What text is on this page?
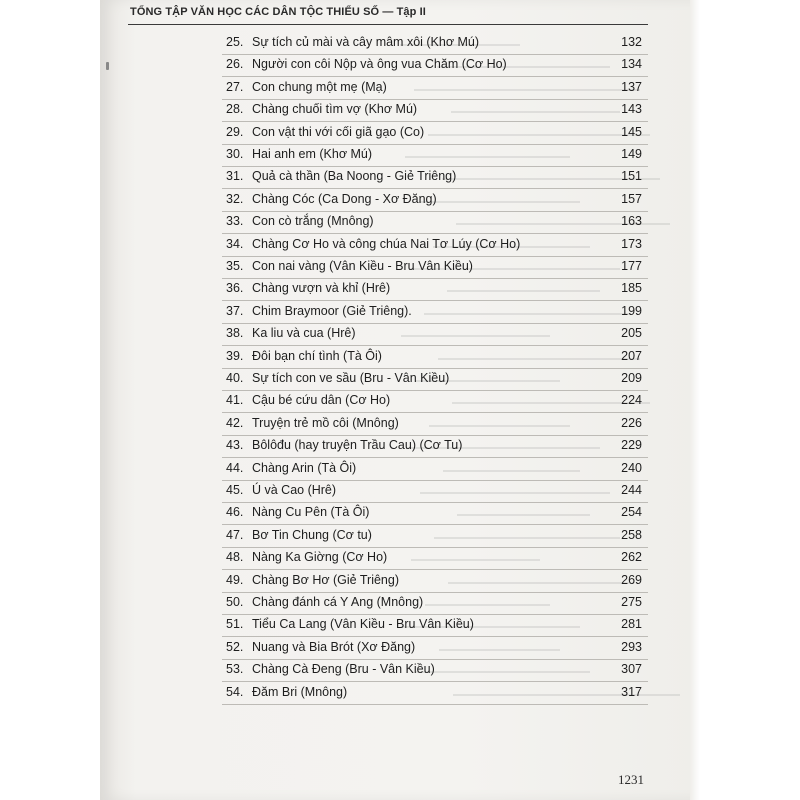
TỔNG TẬP VĂN HỌC CÁC DÂN TỘC THIỂU SỐ — Tập II
25. Sự tích củ mài và cây mâm xôi (Khơ Mú)	132
26. Người con côi Nộp và ông vua Chăm (Cơ Ho)	134
27. Con chung một mẹ (Mạ)	137
28. Chàng chuối tìm vợ (Khơ Mú)	143
29. Con vật thi với cối giã gạo (Co)	145
30. Hai anh em (Khơ Mú)	149
31. Quả cà thần (Ba Noong - Giẻ Triêng)	151
32. Chàng Cóc (Ca Dong - Xơ Đăng)	157
33. Con cò trắng (Mnông)	163
34. Chàng Cơ Ho và công chúa Nai Tơ Lúy (Cơ Ho)	173
35. Con nai vàng (Vân Kiều - Bru Vân Kiều)	177
36. Chàng vượn và khỉ (Hrê)	185
37. Chim Braymoor (Giẻ Triêng).	199
38. Ka liu và cua (Hrê)	205
39. Đôi bạn chí tình (Tà Ôi)	207
40. Sự tích con ve sầu (Bru - Vân Kiều)	209
41. Cậu bé cứu dân (Cơ Ho)	224
42. Truyện trẻ mồ côi (Mnông)	226
43. Bôlôđu (hay truyện Trầu Cau) (Cơ Tu)	229
44. Chàng Arin (Tà Ôi)	240
45. Ú và Cao (Hrê)	244
46. Nàng Cu Pên (Tà Ôi)	254
47. Bơ Tin Chung (Cơ tu)	258
48. Nàng Ka Giờng (Cơ Ho)	262
49. Chàng Bơ Hơ (Giẻ Triêng)	269
50. Chàng đánh cá Y Ang (Mnông)	275
51. Tiểu Ca Lang (Vân Kiều - Bru Vân Kiều)	281
52. Nuang và Bia Brót (Xơ Đăng)	293
53. Chàng Cà Đeng (Bru - Vân Kiều)	307
54. Đăm Bri (Mnông)	317
1231
